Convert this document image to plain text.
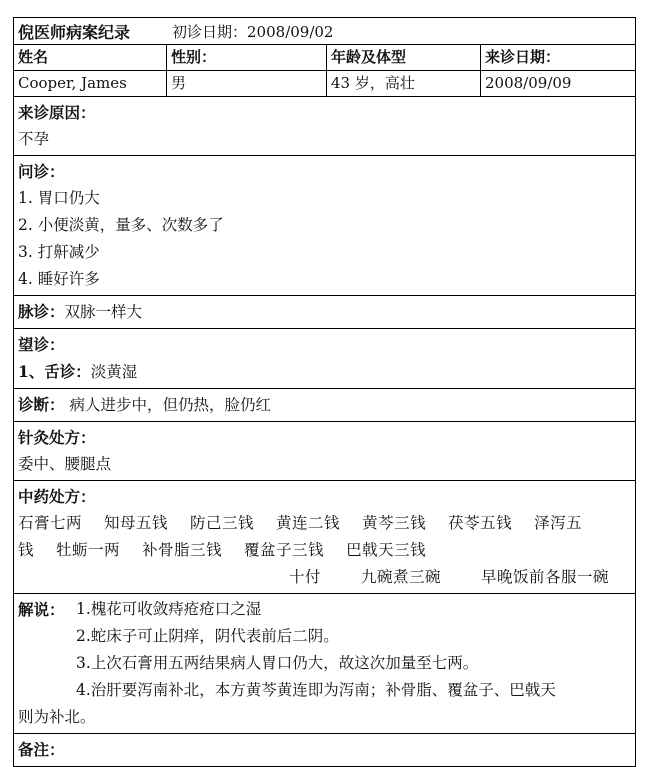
倪医师病案纪录	初诊日期：2008/09/02
姓名	性别：	年龄及体型	来诊日期：
Cooper, James	男	43 岁，高壮	2008/09/09
来诊原因：
不孕
问诊：
1. 胃口仍大
2. 小便淡黄，量多、次数多了
3. 打鼾减少
4. 睡好许多
脉诊：双脉一样大
望诊：
1、舌诊：淡黄湿
诊断： 病人进步中，但仍热，脸仍红
针灸处方：
委中、腰腿点
中药处方：
石膏七两 知母五钱 防己三钱 黄连二钱 黄芩三钱 茯苓五钱 泽泻五
钱 牡蛎一两 补骨脂三钱 覆盆子三钱 巴戟天三钱
十付	九碗煮三碗	早晚饭前各服一碗
解说： 1.槐花可收敛痔疮疮口之湿
2.蛇床子可止阴痒，阴代表前后二阴。
3.上次石膏用五两结果病人胃口仍大，故这次加量至七两。
4.治肝要泻南补北，本方黄芩黄连即为泻南；补骨脂、覆盆子、巴戟天
则为补北。
备注：
